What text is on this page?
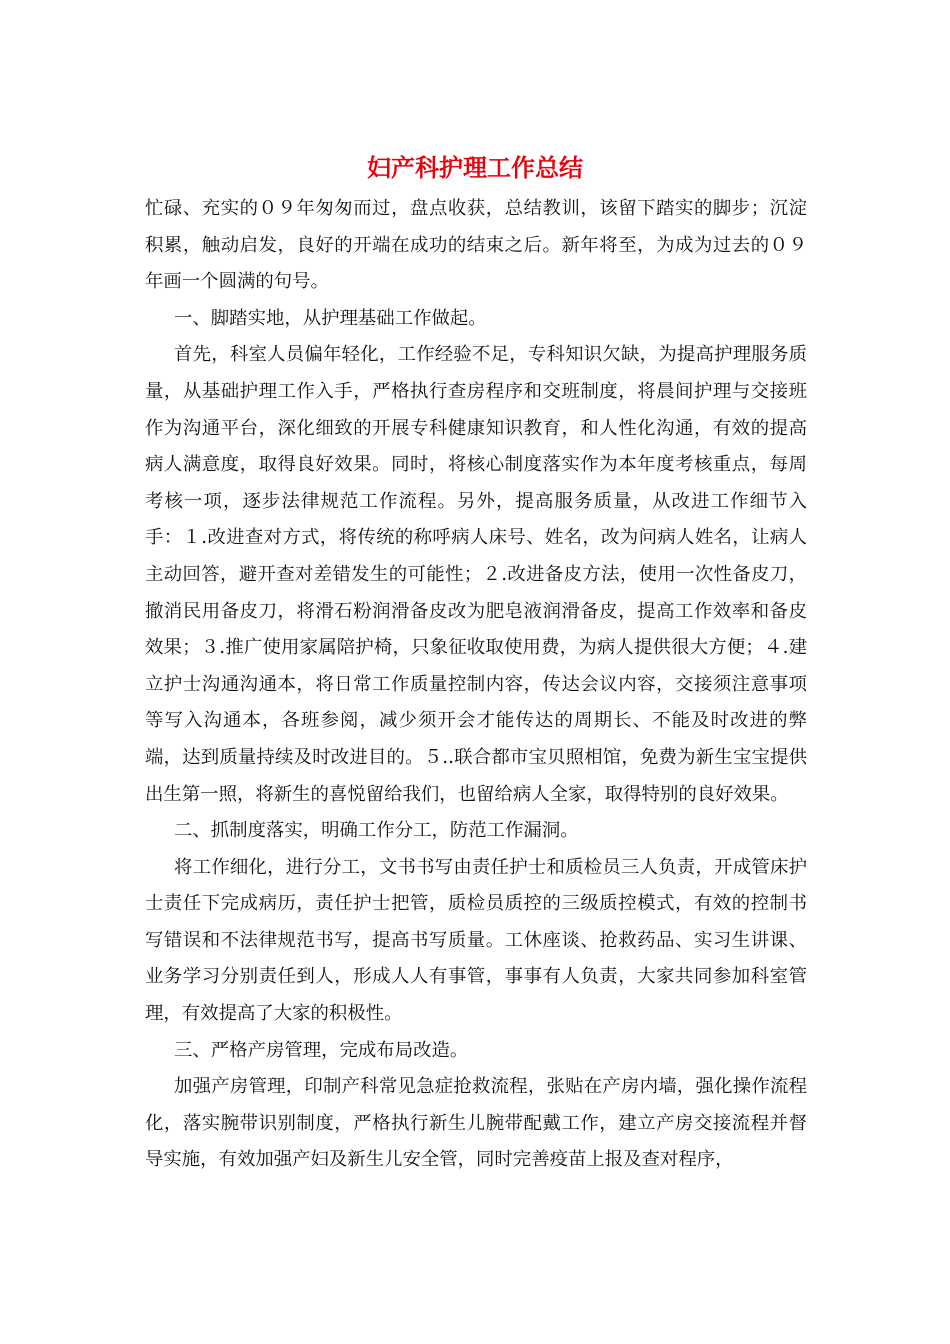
妇产科护理工作总结

忙碌、充实的０９年匆匆而过，盘点收获，总结教训，该留下踏实的脚步；沉淀积累，触动启发，良好的开端在成功的结束之后。新年将至，为成为过去的０９年画一个圆满的句号。

一、脚踏实地，从护理基础工作做起。

首先，科室人员偏年轻化，工作经验不足，专科知识欠缺，为提高护理服务质量，从基础护理工作入手，严格执行查房程序和交班制度，将晨间护理与交接班作为沟通平台，深化细致的开展专科健康知识教育，和人性化沟通，有效的提高病人满意度，取得良好效果。同时，将核心制度落实作为本年度考核重点，每周考核一项，逐步法律规范工作流程。另外，提高服务质量，从改进工作细节入手：１.改进查对方式，将传统的称呼病人床号、姓名，改为问病人姓名，让病人主动回答，避开查对差错发生的可能性；２.改进备皮方法，使用一次性备皮刀，撤消民用备皮刀，将滑石粉润滑备皮改为肥皂液润滑备皮，提高工作效率和备皮效果；３.推广使用家属陪护椅，只象征收取使用费，为病人提供很大方便；４.建立护士沟通沟通本，将日常工作质量控制内容，传达会议内容，交接须注意事项等写入沟通本，各班参阅，减少须开会才能传达的周期长、不能及时改进的弊端，达到质量持续及时改进目的。５..联合都市宝贝照相馆，免费为新生宝宝提供出生第一照，将新生的喜悦留给我们，也留给病人全家，取得特别的良好效果。

二、抓制度落实，明确工作分工，防范工作漏洞。

将工作细化，进行分工，文书书写由责任护士和质检员三人负责，开成管床护士责任下完成病历，责任护士把管，质检员质控的三级质控模式，有效的控制书写错误和不法律规范书写，提高书写质量。工休座谈、抢救药品、实习生讲课、业务学习分别责任到人，形成人人有事管，事事有人负责，大家共同参加科室管理，有效提高了大家的积极性。

三、严格产房管理，完成布局改造。

加强产房管理，印制产科常见急症抢救流程，张贴在产房内墙，强化操作流程化，落实腕带识别制度，严格执行新生儿腕带配戴工作，建立产房交接流程并督导实施，有效加强产妇及新生儿安全管，同时完善疫苗上报及查对程序，
